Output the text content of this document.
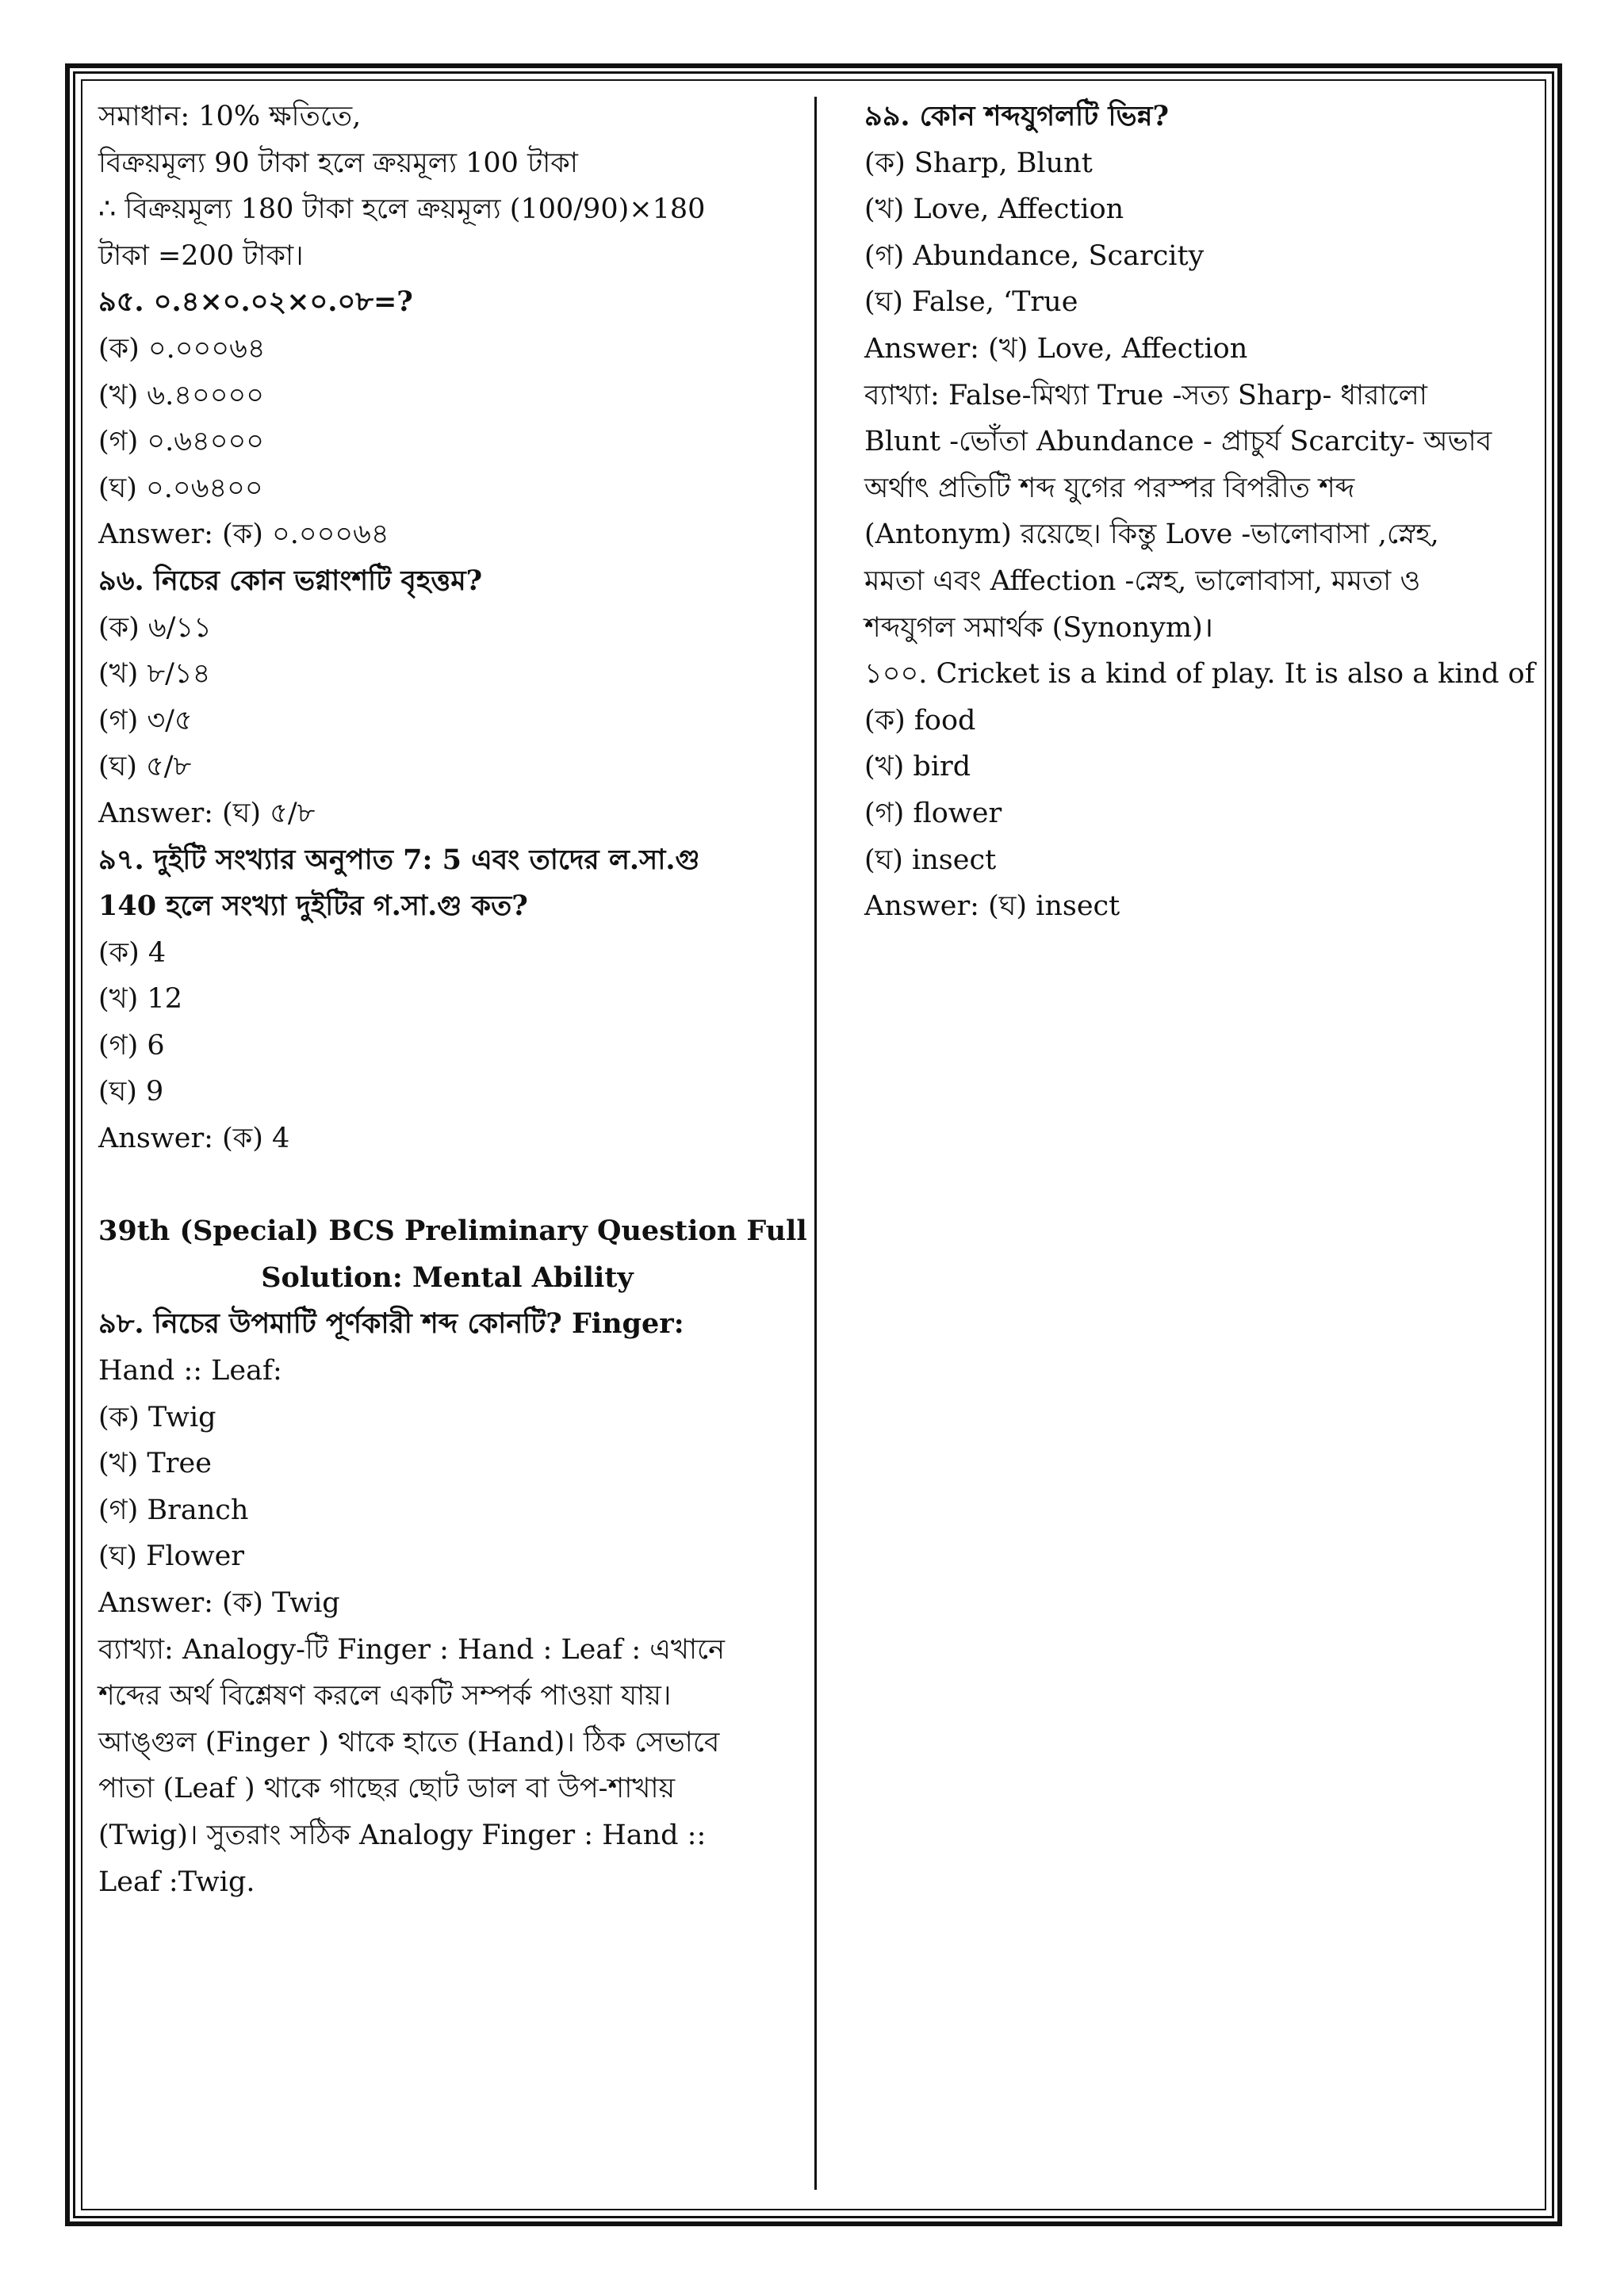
সমাধান: 10% ক্ষতিতে,
বিক্রয়মূল্য 90 টাকা হলে ক্রয়মূল্য 100 টাকা
∴ বিক্রয়মূল্য 180 টাকা হলে ক্রয়মূল্য (100/90)×180
টাকা =200 টাকা।
৯৫. ০.৪×০.০২×০.০৮=?
(ক) ০.০০০৬৪
(খ) ৬.৪০০০০
(গ) ০.৬৪০০০
(ঘ) ০.০৬৪০০
Answer: (ক) ০.০০০৬৪
৯৬. নিচের কোন ভগ্নাংশটি বৃহত্তম?
(ক) ৬/১১
(খ) ৮/১৪
(গ) ৩/৫
(ঘ) ৫/৮
Answer: (ঘ) ৫/৮
৯৭. দুইটি সংখ্যার অনুপাত 7: 5 এবং তাদের ল.সা.গু
140 হলে সংখ্যা দুইটির গ.সা.গু কত?
(ক) 4
(খ) 12
(গ) 6
(ঘ) 9
Answer: (ক) 4
39th (Special) BCS Preliminary Question Full
Solution: Mental Ability
৯৮. নিচের উপমাটি পূর্ণকারী শব্দ কোনটি? Finger:
Hand :: Leaf:
(ক) Twig
(খ) Tree
(গ) Branch
(ঘ) Flower
Answer: (ক) Twig
ব্যাখ্যা: Analogy-টি Finger : Hand : Leaf : এখানে
শব্দের অর্থ বিশ্লেষণ করলে একটি সম্পর্ক পাওয়া যায়।
আঙ্গুল (Finger ) থাকে হাতে (Hand)। ঠিক সেভাবে
পাতা (Leaf ) থাকে গাছের ছোট ডাল বা উপ-শাখায়
(Twig)। সুতরাং সঠিক Analogy Finger : Hand ::
Leaf :Twig.
৯৯. কোন শব্দযুগলটি ভিন্ন?
(ক) Sharp, Blunt
(খ) Love, Affection
(গ) Abundance, Scarcity
(ঘ) False, ‘True
Answer: (খ) Love, Affection
ব্যাখ্যা: False-মিথ্যা True -সত্য Sharp- ধারালো
Blunt -ভোঁতা Abundance - প্রাচুর্য Scarcity- অভাব
অর্থাৎ প্রতিটি শব্দ যুগের পরস্পর বিপরীত শব্দ
(Antonym) রয়েছে। কিন্তু Love -ভালোবাসা ,স্নেহ,
মমতা এবং Affection -স্নেহ, ভালোবাসা, মমতা ও
শব্দযুগল সমার্থক (Synonym)।
১০০. Cricket is a kind of play. It is also a kind of
(ক) food
(খ) bird
(গ) flower
(ঘ) insect
Answer: (ঘ) insect
